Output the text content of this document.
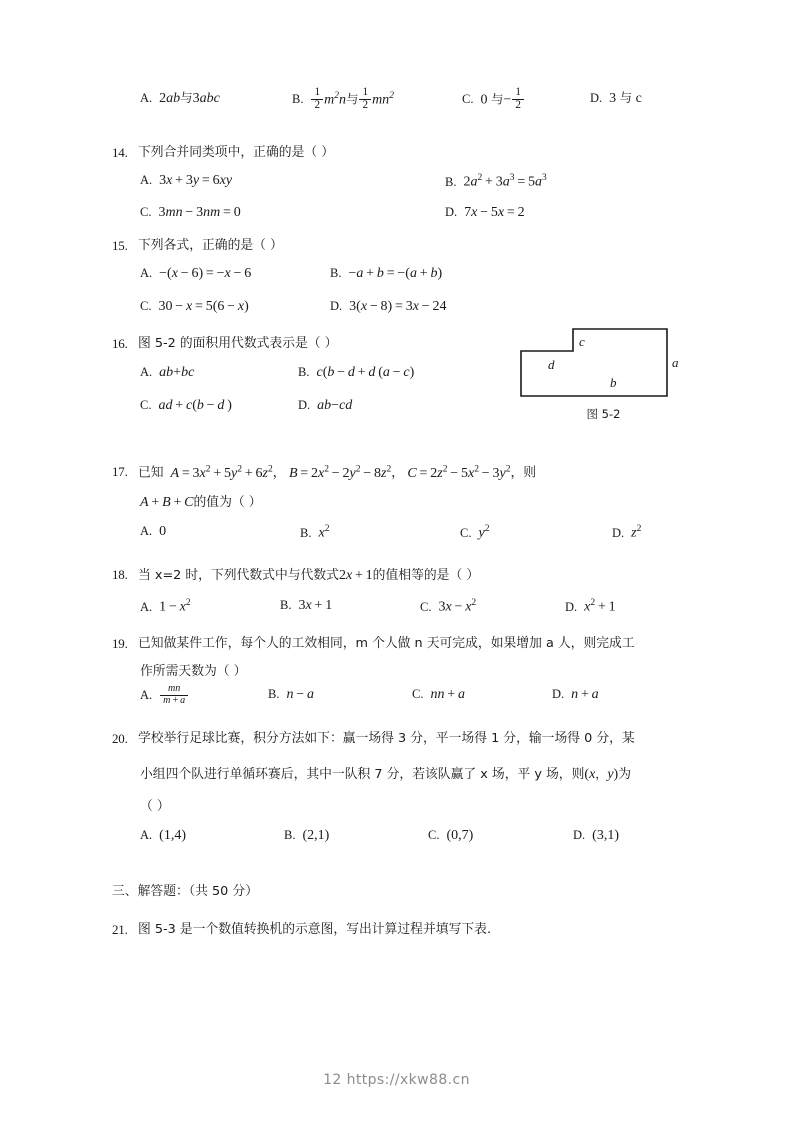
A. 2ab与3abc	B. $\frac{1}{2} m^2n$与 $\frac{1}{2} mn^2$	C. 0 与− $\frac{1}{2}$	D. 3 与 c
14. 下列合并同类项中，正确的是（ ）
A. 3x + 3y = 6xy	B. $2a^2 + 3a^3 = 5a^3$
C. 3mn − 3nm = 0	D. 7x − 5x = 2
15. 下列各式，正确的是（ ）
A. −(x − 6) = −x − 6	B. −a + b = −(a + b)
C. 30 − x = 5(6 − x)	D. 3(x − 8) = 3x − 24
16. 图 5-2 的面积用代数式表示是（ ）
A. ab+bc	B. c(b − d + d (a − c)
C. ad + c(b − d )	D. ab−cd
c
d	a
b
图 5-2
17. 已知 $A = 3x^2 + 5y^2 + 6z^2$， $B = 2x^2 - 2y^2 - 8z^2$， $C = 2z^2 - 5x^2 - 3y^2$，则
A + B + C的值为（ ）
A. 0	B. $x^2$	C. $y^2$	D. $z^2$
18. 当 x=2 时，下列代数式中与代数式2x + 1的值相等的是（ ）
A. $1 - x^2$	B. 3x + 1	C. $3x - x^2$	D. $x^2 + 1$
19. 已知做某件工作，每个人的工效相同，m 个人做 n 天可完成，如果增加 a 人，则完成工
作所需天数为（ ）
A. $\frac{mn}{m + a}$	B. n − a	C. nn + a	D. n + a
20. 学校举行足球比赛，积分方法如下：赢一场得 3 分，平一场得 1 分，输一场得 0 分，某
小组四个队进行单循环赛后，其中一队积 7 分，若该队赢了 x 场，平 y 场，则(x，y)为
（ ）
A. (1,4)	B. (2,1)	C. (0,7)	D. (3,1)
三、解答题：（共 50 分）
21. 图 5-3 是一个数值转换机的示意图，写出计算过程并填写下表.
12 https://xkw88.cn
